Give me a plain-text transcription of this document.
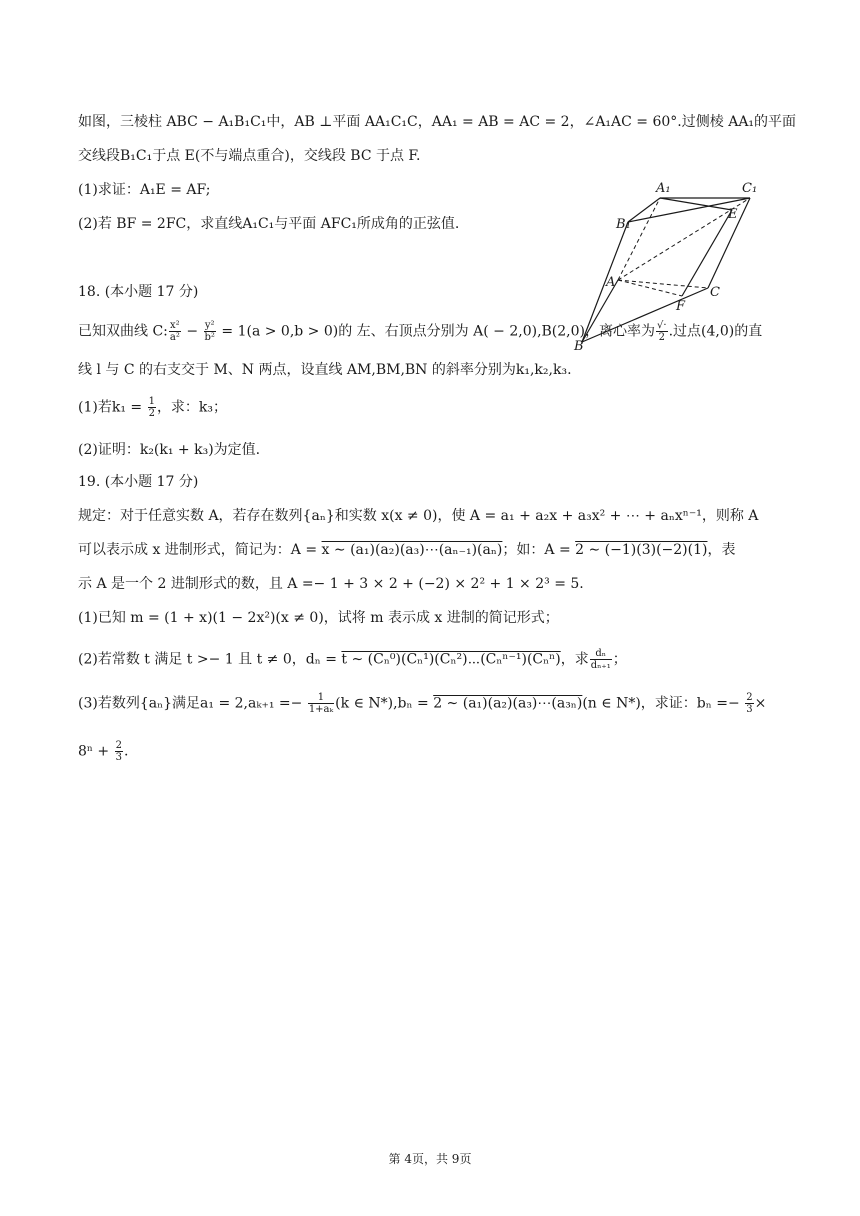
如图，三棱柱 ABC − A₁B₁C₁中，AB ⊥平面 AA₁C₁C，AA₁ = AB = AC = 2，∠A₁AC = 60°.过侧棱 AA₁的平面
交线段B₁C₁于点 E(不与端点重合)，交线段 BC 于点 F.
(1)求证：A₁E = AF;
(2)若 BF = 2FC，求直线A₁C₁与平面 AFC₁所成角的正弦值.
A₁	C₁
B₁
E
A
C
F
B
18. (本小题 17 分)
已知双曲线 C: $\frac{\text{x²}}{\text{a²}} - \frac{\text{y²}}{\text{b²}} = 1(a > 0,b > 0)$的 左、右顶点分别为 A( − 2,0),B(2,0)，离心率为 $\frac{√\cdot}{2}$ .过点(4,0)的直
线 l 与 C 的右支交于 M、N 两点，设直线 AM,BM,BN 的斜率分别为k₁,k₂,k₃.
(1)若$k_1 = \frac{1}{2}$ ，求：k₃；
(2)证明：k₂(k₁ + k₃)为定值.
19. (本小题 17 分)
规定：对于任意实数 A，若存在数列{aₙ}和实数 x(x ≠ 0)，使 A = a₁ + a₂x + a₃x² + ⋯ + aₙxⁿ⁻¹，则称 A
可以表示成 x 进制形式，简记为：A = x ∼ (a₁)(a₂)(a₃)⋯(aₙ₋₁)(aₙ)；如：A = 2 ∼ (−1)(3)(−2)(1)，表
示 A 是一个 2 进制形式的数，且 A =− 1 + 3 × 2 + (−2) × 2² + 1 × 2³ = 5.
(1)已知 m = (1 + x)(1 − 2x²)(x ≠ 0)，试将 m 表示成 x 进制的简记形式；
(2)若常数 t 满足 t >− 1 且 t ≠ 0，dₙ = t ∼ (Cₙ⁰)(Cₙ¹)(Cₙ²)⋯(Cₙⁿ⁻¹)(Cₙⁿ)，求 $\frac{\text{dₙ}}{\text{dₙ₊₁}}$ ；
(3)若数列{aₙ}满足$a_1 = 2,a_{k+1} =- \frac{1}{\text{1+aₖ}} (k$ ∈ N*),bₙ = 2 ∼ (a₁)(a₂)(a₃)⋯(a₃ₙ)(n ∈ N*)，求证：$b_n =- \frac{2}{3}$ ×
$8^n + \frac{2}{3}$ .
第 4页，共 9页
